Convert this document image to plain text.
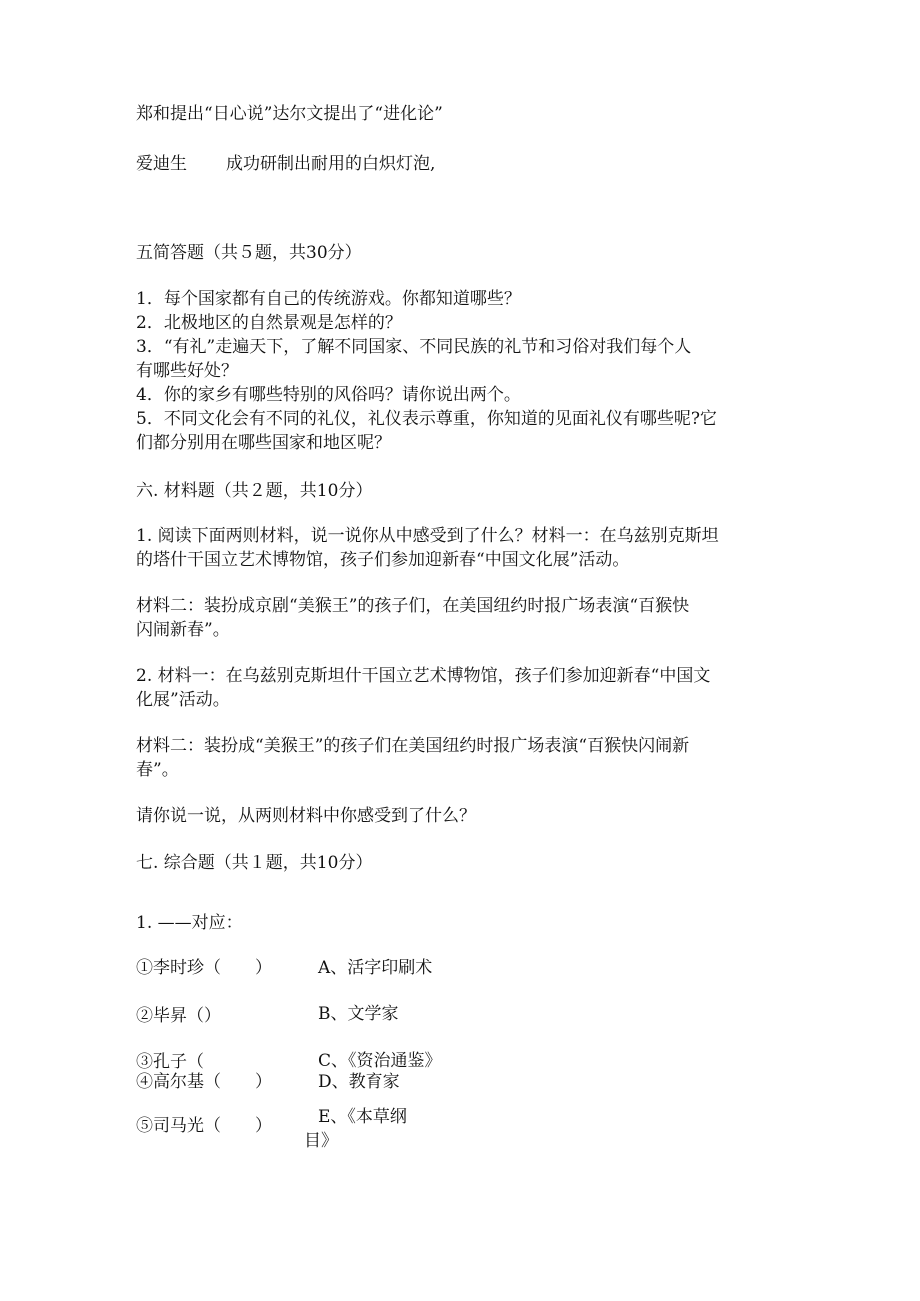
郑和提出“日心说”达尔文提出了“进化论”
爱迪生 成功研制出耐用的白炽灯泡,
五简答题（共５题，共30分）
1．每个国家都有自己的传统游戏。你都知道哪些？
2．北极地区的自然景观是怎样的？
3．“有礼”走遍天下，了解不同国家、不同民族的礼节和习俗对我们每个人
有哪些好处？
4．你的家乡有哪些特别的风俗吗？请你说出两个。
5．不同文化会有不同的礼仪，礼仪表示尊重，你知道的见面礼仪有哪些呢?它
们都分别用在哪些国家和地区呢？
六. 材料题（共２题，共10分）
1. 阅读下面两则材料，说一说你从中感受到了什么？材料一：在乌兹别克斯坦
的塔什干国立艺术博物馆，孩子们参加迎新春“中国文化展”活动。
材料二：装扮成京剧“美猴王”的孩子们，在美国纽约时报广场表演“百猴快
闪闹新春”。
2. 材料一：在乌兹别克斯坦什干国立艺术博物馆，孩子们参加迎新春“中国文
化展”活动。
材料二：装扮成“美猴王”的孩子们在美国纽约时报广场表演“百猴快闪闹新
春”。
请你说一说，从两则材料中你感受到了什么？
七. 综合题（共１题，共10分）
1. ——对应：
①李时珍（　　）	A、活字印刷术
②毕昇（）	B、文学家
③孔子（	C、《资治通鉴》
④高尔基（　　）	D、教育家
⑤司马光（　　）	E、《本草纲
目》
